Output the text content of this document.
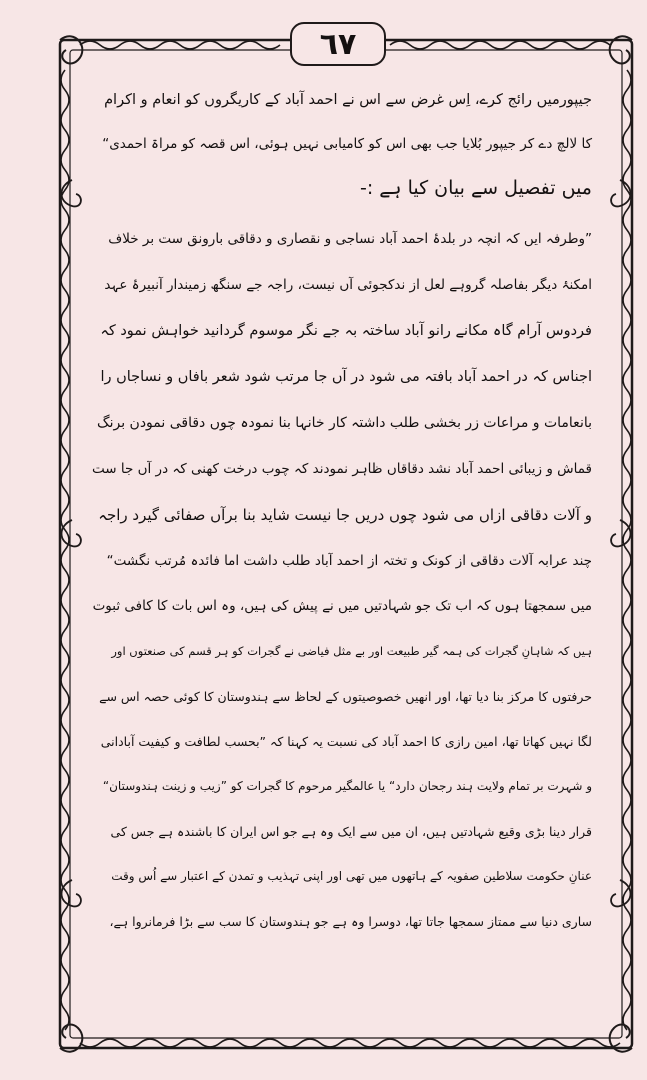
٦٧

جیپورمیں رائج کرے، اِس غرض سے اس نے احمد آباد کے کاریگروں کو انعام و اکرام
کا لالچ دے کر جیپور بُلایا جب بھی اس کو کامیابی نہیں ہوئی، اس قصہ کو مراۃ احمدی“
میں تفصیل سے بیان کیا ہے :-

”وطرفہ ایں کہ انچہ در بلدۂ احمد آباد نساجی و نقصاری و دقاقی بارونق ست بر خلاف
امکنۂ دیگر بفاصلہ گروہے لعل از ندکجوئی آں نیست، راجہ جے سنگھ زمیندار آنبیرۂ عہد
فردوس آرام گاہ مکانے رانو آباد ساختہ بہ جے نگر موسوم گردانید خواہش نمود کہ
اجناس کہ در احمد آباد بافتہ می شود در آں جا مرتب شود شعر بافاں و نساجاں را
بانعامات و مراعات زر بخشی طلب داشتہ کار خانہا بنا نمودہ چوں دقاقی نمودن برنگ
قماش و زیبائی احمد آباد نشد دقاقاں ظاہر نمودند کہ چوب درخت کھنی کہ در آں جا ست
و آلات دقاقی ازاں می شود چوں دریں جا نیست شاید بنا برآں صفائی گیرد راجہ
چند عرابہ آلات دقاقی از کونک و تختہ از احمد آباد طلب داشت اما فائدہ مُرتب نگشت“

میں سمجھتا ہوں کہ اب تک جو شہادتیں میں نے پیش کی ہیں، وہ اس بات کا کافی ثبوت
ہیں کہ شاہانِ گجرات کی ہمہ گیر طبیعت اور بے مثل فیاضی نے گجرات کو ہر قسم کی صنعتوں اور
حرفتوں کا مرکز بنا دیا تھا، اور انھیں خصوصیتوں کے لحاظ سے ہندوستان کا کوئی حصہ اس سے
لگا نہیں کھاتا تھا، امین رازی کا احمد آباد کی نسبت یہ کہنا کہ ”بحسب لطافت و کیفیت آبادانی
و شہرت بر تمام ولایت ہند رجحان دارد“ یا عالمگیر مرحوم کا گجرات کو ”زیب و زینت ہندوستان“
قرار دینا بڑی وقیع شہادتیں ہیں، ان میں سے ایک وہ ہے جو اس ایران کا باشندہ ہے جس کی
عنانِ حکومت سلاطین صفویہ کے ہاتھوں میں تھی اور اپنی تہذیب و تمدن کے اعتبار سے اُس وقت
ساری دنیا سے ممتاز سمجھا جاتا تھا، دوسرا وہ ہے جو ہندوستان کا سب سے بڑا فرمانروا ہے،
